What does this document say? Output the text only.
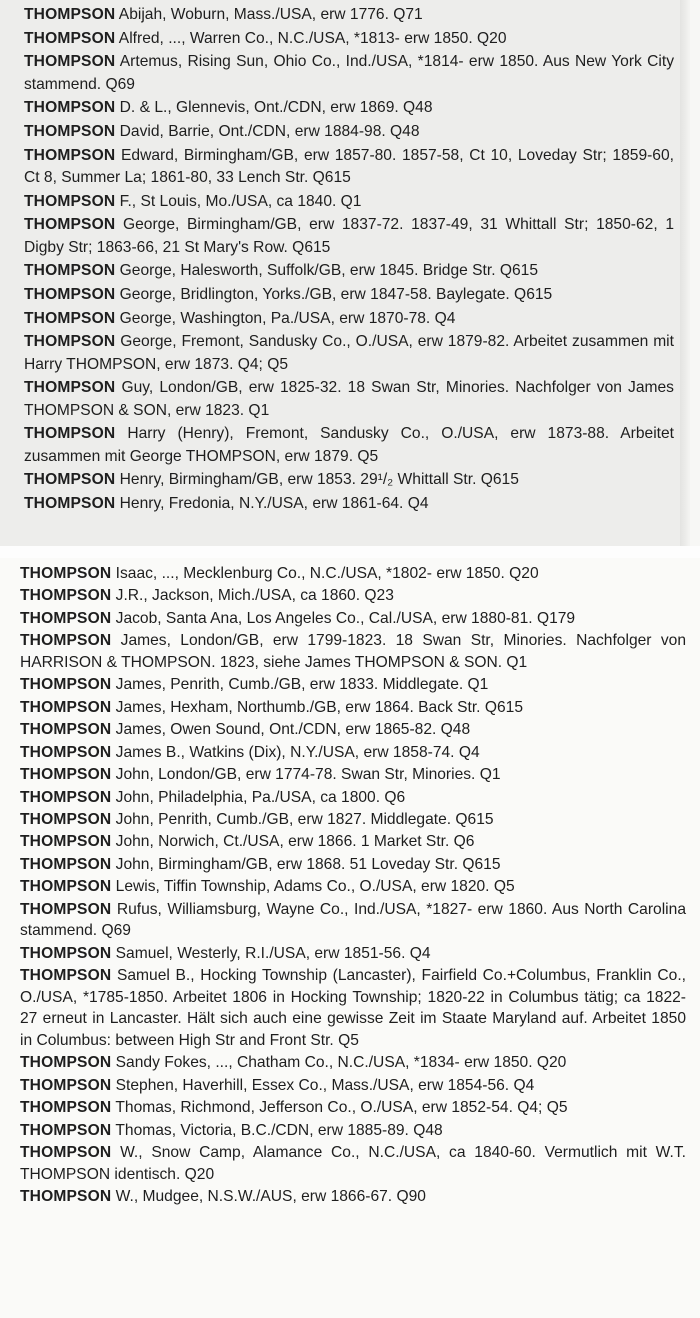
THOMPSON Abijah, Woburn, Mass./USA, erw 1776. Q71

THOMPSON Alfred, ..., Warren Co., N.C./USA, *1813- erw 1850. Q20

THOMPSON Artemus, Rising Sun, Ohio Co., Ind./USA, *1814- erw 1850. Aus New York City stammend. Q69

THOMPSON D. & L., Glennevis, Ont./CDN, erw 1869. Q48

THOMPSON David, Barrie, Ont./CDN, erw 1884-98. Q48

THOMPSON Edward, Birmingham/GB, erw 1857-80. 1857-58, Ct 10, Loveday Str; 1859-60, Ct 8, Summer La; 1861-80, 33 Lench Str. Q615

THOMPSON F., St Louis, Mo./USA, ca 1840. Q1

THOMPSON George, Birmingham/GB, erw 1837-72. 1837-49, 31 Whittall Str; 1850-62, 1 Digby Str; 1863-66, 21 St Mary's Row. Q615

THOMPSON George, Halesworth, Suffolk/GB, erw 1845. Bridge Str. Q615

THOMPSON George, Bridlington, Yorks./GB, erw 1847-58. Baylegate. Q615

THOMPSON George, Washington, Pa./USA, erw 1870-78. Q4

THOMPSON George, Fremont, Sandusky Co., O./USA, erw 1879-82. Arbeitet zusammen mit Harry THOMPSON, erw 1873. Q4; Q5

THOMPSON Guy, London/GB, erw 1825-32. 18 Swan Str, Minories. Nachfolger von James THOMPSON & SON, erw 1823. Q1

THOMPSON Harry (Henry), Fremont, Sandusky Co., O./USA, erw 1873-88. Arbeitet zusammen mit George THOMPSON, erw 1879. Q5

THOMPSON Henry, Birmingham/GB, erw 1853. 29¹/₂ Whittall Str. Q615

THOMPSON Henry, Fredonia, N.Y./USA, erw 1861-64. Q4

THOMPSON Isaac, ..., Mecklenburg Co., N.C./USA, *1802- erw 1850. Q20

THOMPSON J.R., Jackson, Mich./USA, ca 1860. Q23

THOMPSON Jacob, Santa Ana, Los Angeles Co., Cal./USA, erw 1880-81. Q179

THOMPSON James, London/GB, erw 1799-1823. 18 Swan Str, Minories. Nachfolger von HARRISON & THOMPSON. 1823, siehe James THOMPSON & SON. Q1

THOMPSON James, Penrith, Cumb./GB, erw 1833. Middlegate. Q1

THOMPSON James, Hexham, Northumb./GB, erw 1864. Back Str. Q615

THOMPSON James, Owen Sound, Ont./CDN, erw 1865-82. Q48

THOMPSON James B., Watkins (Dix), N.Y./USA, erw 1858-74. Q4

THOMPSON John, London/GB, erw 1774-78. Swan Str, Minories. Q1

THOMPSON John, Philadelphia, Pa./USA, ca 1800. Q6

THOMPSON John, Penrith, Cumb./GB, erw 1827. Middlegate. Q615

THOMPSON John, Norwich, Ct./USA, erw 1866. 1 Market Str. Q6

THOMPSON John, Birmingham/GB, erw 1868. 51 Loveday Str. Q615

THOMPSON Lewis, Tiffin Township, Adams Co., O./USA, erw 1820. Q5

THOMPSON Rufus, Williamsburg, Wayne Co., Ind./USA, *1827- erw 1860. Aus North Carolina stammend. Q69

THOMPSON Samuel, Westerly, R.I./USA, erw 1851-56. Q4

THOMPSON Samuel B., Hocking Township (Lancaster), Fairfield Co.+Columbus, Franklin Co., O./USA, *1785-1850. Arbeitet 1806 in Hocking Township; 1820-22 in Columbus tätig; ca 1822-27 erneut in Lancaster. Hält sich auch eine gewisse Zeit im Staate Maryland auf. Arbeitet 1850 in Columbus: between High Str and Front Str. Q5

THOMPSON Sandy Fokes, ..., Chatham Co., N.C./USA, *1834- erw 1850. Q20

THOMPSON Stephen, Haverhill, Essex Co., Mass./USA, erw 1854-56. Q4

THOMPSON Thomas, Richmond, Jefferson Co., O./USA, erw 1852-54. Q4; Q5

THOMPSON Thomas, Victoria, B.C./CDN, erw 1885-89. Q48

THOMPSON W., Snow Camp, Alamance Co., N.C./USA, ca 1840-60. Vermutlich mit W.T. THOMPSON identisch. Q20

THOMPSON W., Mudgee, N.S.W./AUS, erw 1866-67. Q90
